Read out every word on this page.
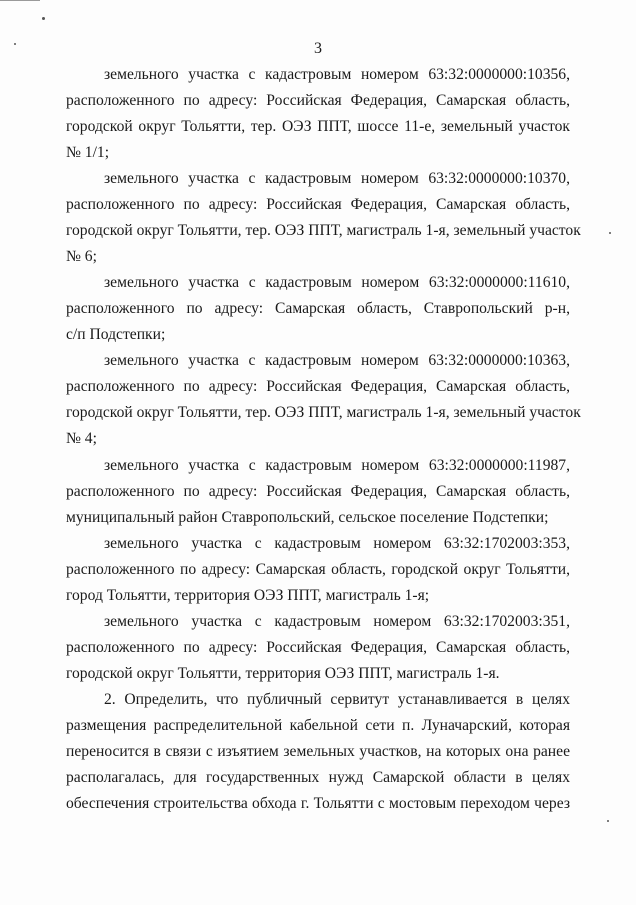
3
земельного участка с кадастровым номером 63:32:0000000:10356,
расположенного по адресу: Российская Федерация, Самарская область,
городской округ Тольятти, тер. ОЭЗ ППТ, шоссе 11-е, земельный участок
№ 1/1;
земельного участка с кадастровым номером 63:32:0000000:10370,
расположенного по адресу: Российская Федерация, Самарская область,
городской округ Тольятти, тер. ОЭЗ ППТ, магистраль 1-я, земельный участок
№ 6;
земельного участка с кадастровым номером 63:32:0000000:11610,
расположенного по адресу: Самарская область, Ставропольский р-н,
с/п Подстепки;
земельного участка с кадастровым номером 63:32:0000000:10363,
расположенного по адресу: Российская Федерация, Самарская область,
городской округ Тольятти, тер. ОЭЗ ППТ, магистраль 1-я, земельный участок
№ 4;
земельного участка с кадастровым номером 63:32:0000000:11987,
расположенного по адресу: Российская Федерация, Самарская область,
муниципальный район Ставропольский, сельское поселение Подстепки;
земельного участка с кадастровым номером 63:32:1702003:353,
расположенного по адресу: Самарская область, городской округ Тольятти,
город Тольятти, территория ОЭЗ ППТ, магистраль 1-я;
земельного участка с кадастровым номером 63:32:1702003:351,
расположенного по адресу: Российская Федерация, Самарская область,
городской округ Тольятти, территория ОЭЗ ППТ, магистраль 1-я.
2. Определить, что публичный сервитут устанавливается в целях
размещения распределительной кабельной сети п. Луначарский, которая
переносится в связи с изъятием земельных участков, на которых она ранее
располагалась, для государственных нужд Самарской области в целях
обеспечения строительства обхода г. Тольятти с мостовым переходом через
